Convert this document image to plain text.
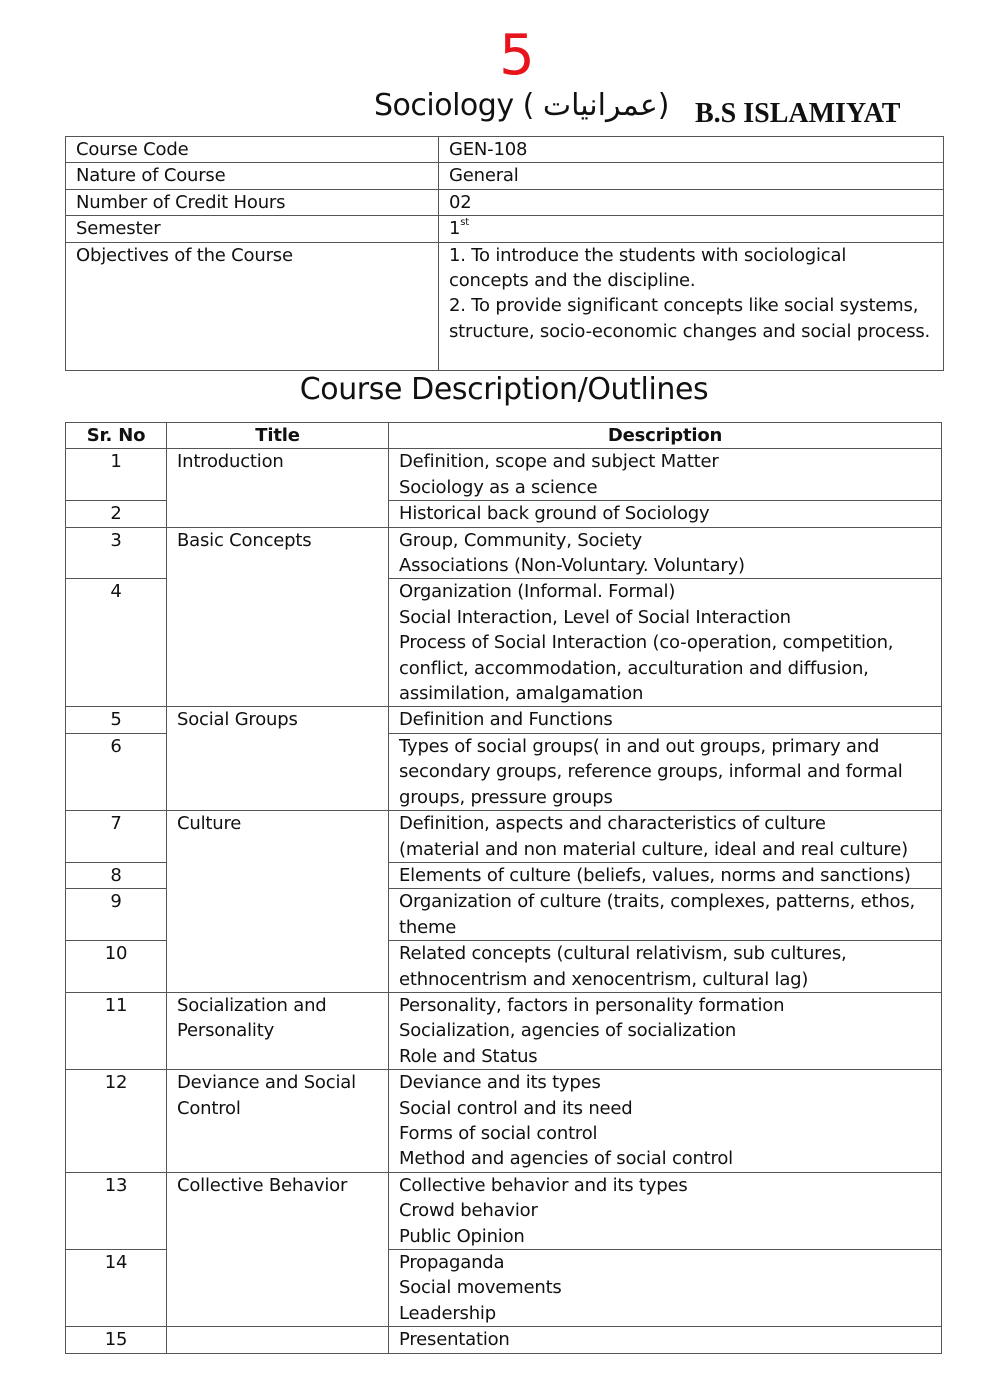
5
Sociology ( عمرانیات) B.S ISLAMIYAT
Course Code	GEN-108
Nature of Course	General
Number of Credit Hours	02
Semester	1st
Objectives of the Course	1. To introduce the students with sociological
concepts and the discipline.
2. To provide significant concepts like social systems,
structure, socio-economic changes and social process.
Course Description/Outlines
Sr. No	Title	Description
1	Introduction	Definition, scope and subject Matter
Sociology as a science

2		Historical back ground of Sociology

3	Basic Concepts	Group, Community, Society
Associations (Non-Voluntary. Voluntary)

4		Organization (Informal. Formal)
Social Interaction, Level of Social Interaction
Process of Social Interaction (co-operation, competition,
conflict, accommodation, acculturation and diffusion,
assimilation, amalgamation

5	Social Groups	Definition and Functions

6		Types of social groups( in and out groups, primary and
secondary groups, reference groups, informal and formal
groups, pressure groups

7	Culture	Definition, aspects and characteristics of culture
(material and non material culture, ideal and real culture)

8		Elements of culture (beliefs, values, norms and sanctions)

9		Organization of culture (traits, complexes, patterns, ethos,
theme

10		Related concepts (cultural relativism, sub cultures,
ethnocentrism and xenocentrism, cultural lag)

11	Socialization and
Personality	Personality, factors in personality formation
Socialization, agencies of socialization
Role and Status

12	Deviance and Social
Control	Deviance and its types
Social control and its need
Forms of social control
Method and agencies of social control

13	Collective Behavior	Collective behavior and its types
Crowd behavior
Public Opinion

14		Propaganda
Social movements
Leadership

15		Presentation
